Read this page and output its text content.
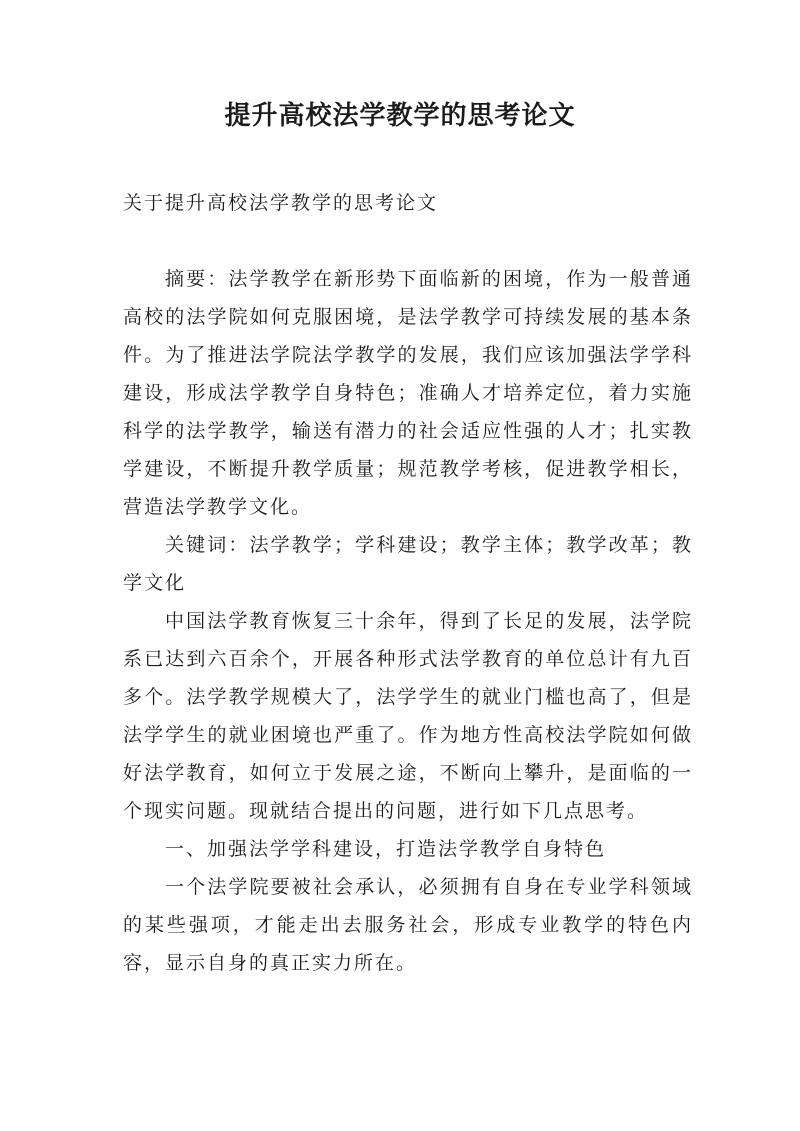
提升高校法学教学的思考论文

关于提升高校法学教学的思考论文

摘要：法学教学在新形势下面临新的困境，作为一般普通高校的法学院如何克服困境，是法学教学可持续发展的基本条件。为了推进法学院法学教学的发展，我们应该加强法学学科建设，形成法学教学自身特色；准确人才培养定位，着力实施科学的法学教学，输送有潜力的社会适应性强的人才；扎实教学建设，不断提升教学质量；规范教学考核，促进教学相长，营造法学教学文化。

关键词：法学教学；学科建设；教学主体；教学改革；教学文化

中国法学教育恢复三十余年，得到了长足的发展，法学院系已达到六百余个，开展各种形式法学教育的单位总计有九百多个。法学教学规模大了，法学学生的就业门槛也高了，但是法学学生的就业困境也严重了。作为地方性高校法学院如何做好法学教育，如何立于发展之途，不断向上攀升，是面临的一个现实问题。现就结合提出的问题，进行如下几点思考。

一、加强法学学科建设，打造法学教学自身特色

一个法学院要被社会承认，必须拥有自身在专业学科领域的某些强项，才能走出去服务社会，形成专业教学的特色内容，显示自身的真正实力所在。
